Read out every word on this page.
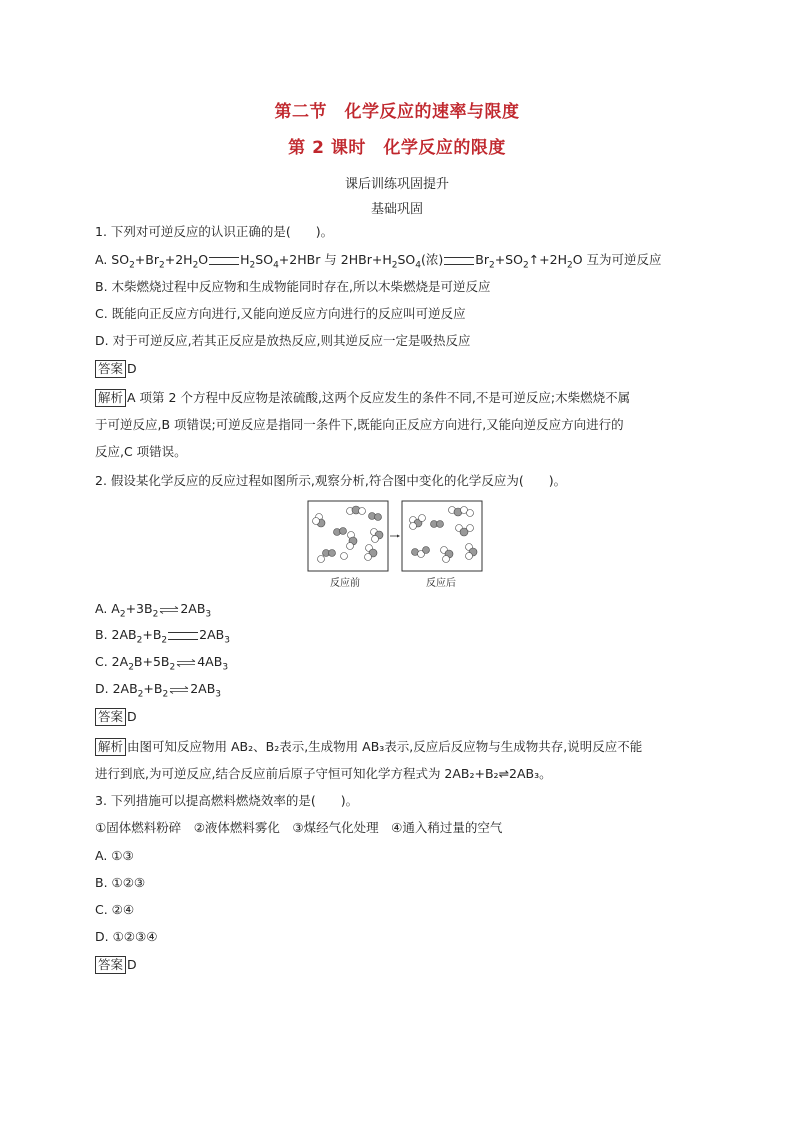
第二节　化学反应的速率与限度
第 2 课时　化学反应的限度
课后训练巩固提升
基础巩固
1. 下列对可逆反应的认识正确的是(　　)。
A. $SO_2+Br_2+2H_2O$	$H_2SO_4+2HBr$ 与 $2HBr+H_2SO_4$(浓)	$Br_2+SO_2↑+2H_2O$ 互为可逆反应
B. 木柴燃烧过程中反应物和生成物能同时存在,所以木柴燃烧是可逆反应
C. 既能向正反应方向进行,又能向逆反应方向进行的反应叫可逆反应
D. 对于可逆反应,若其正反应是放热反应,则其逆反应一定是吸热反应
答案 D
解析 A 项第 2 个方程中反应物是浓硫酸,这两个反应发生的条件不同,不是可逆反应;木柴燃烧不属
于可逆反应,B 项错误;可逆反应是指同一条件下,既能向正反应方向进行,又能向逆反应方向进行的
反应,C 项错误。
2. 假设某化学反应的反应过程如图所示,观察分析,符合图中变化的化学反应为(　　)。
反应前	反应后
A. $A_2+3B_2$ $2AB_3$
B. $2AB_2+B_2$	$2AB_3$
C. $2A_2B+5B_2$ $4AB_3$
D. $2AB_2+B_2$ $2AB_3$
答案 D
解析 由图可知反应物用 AB₂、B₂表示,生成物用 AB₃表示,反应后反应物与生成物共存,说明反应不能
进行到底,为可逆反应,结合反应前后原子守恒可知化学方程式为 2AB₂+B₂⇌2AB₃。
3. 下列措施可以提高燃料燃烧效率的是(　　)。
①固体燃料粉碎　②液体燃料雾化　③煤经气化处理　④通入稍过量的空气
A. ①③
B. ①②③
C. ②④
D. ①②③④
答案 D
